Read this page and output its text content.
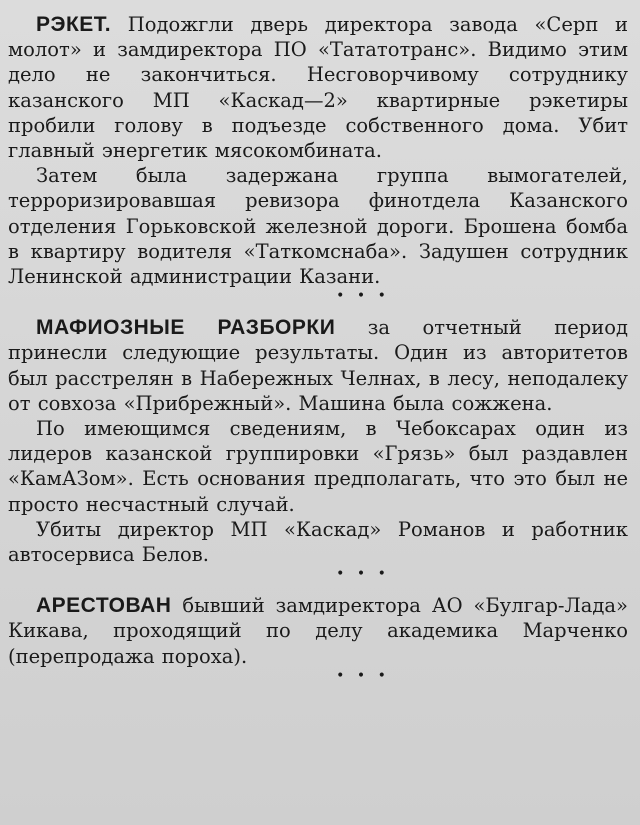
РЭКЕТ. Подожгли дверь директора завода «Серп и молот» и замдиректора ПО «Тататотранс». Видимо этим дело не закончиться. Несговорчивому сотруднику казанского МП «Каскад—2» квартирные рэкетиры пробили голову в подъезде собственного дома. Убит главный энергетик мясокомбината.

Затем была задержана группа вымогателей, терроризировавшая ревизора финотдела Казанского отделения Горьковской железной дороги. Брошена бомба в квартиру водителя «Таткомснаба». Задушен сотрудник Ленинской администрации Казани.

• • •

МАФИОЗНЫЕ РАЗБОРКИ за отчетный период принесли следующие результаты. Один из авторитетов был расстрелян в Набережных Челнах, в лесу, неподалеку от совхоза «Прибрежный». Машина была сожжена.

По имеющимся сведениям, в Чебоксарах один из лидеров казанской группировки «Грязь» был раздавлен «КамАЗом». Есть основания предполагать, что это был не просто несчастный случай.

Убиты директор МП «Каскад» Романов и работник автосервиса Белов.

• • •

АРЕСТОВАН бывший замдиректора АО «Булгар-Лада» Кикава, проходящий по делу академика Марченко (перепродажа пороха).

• • •
